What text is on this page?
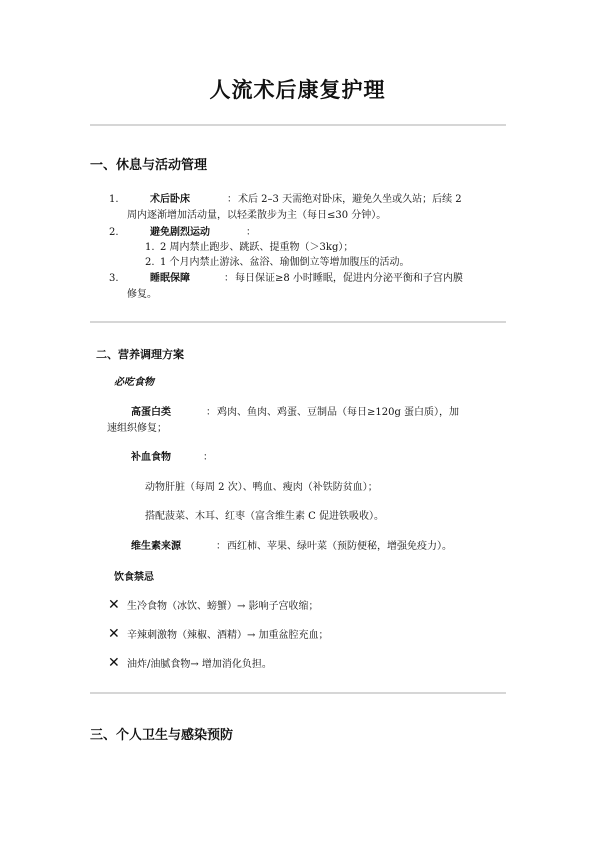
人流术后康复护理
一、休息与活动管理
1.	术后卧床	： 术后 2–3 天需绝对卧床，避免久坐或久站；后续 2
周内逐渐增加活动量，以轻柔散步为主（每日≤30 分钟）。
2.	避免剧烈运动	：
1. 2 周内禁止跑步、跳跃、提重物（＞3kg）；
2. 1 个月内禁止游泳、盆浴、瑜伽倒立等增加腹压的活动。
3.	睡眠保障	： 每日保证≥8 小时睡眠，促进内分泌平衡和子宫内膜
修复。
二、营养调理方案
必吃食物
高蛋白类	： 鸡肉、鱼肉、鸡蛋、豆制品（每日≥120g 蛋白质），加
速组织修复；
补血食物	：
动物肝脏（每周 2 次）、鸭血、瘦肉（补铁防贫血）；
搭配菠菜、木耳、红枣（富含维生素 C 促进铁吸收）。
维生素来源	： 西红柿、苹果、绿叶菜（预防便秘，增强免疫力）。
饮食禁忌
✕ 生冷食物（冰饮、螃蟹）→ 影响子宫收缩；
✕ 辛辣刺激物（辣椒、酒精）→ 加重盆腔充血；
✕ 油炸/油腻食物→ 增加消化负担。
三、个人卫生与感染预防
